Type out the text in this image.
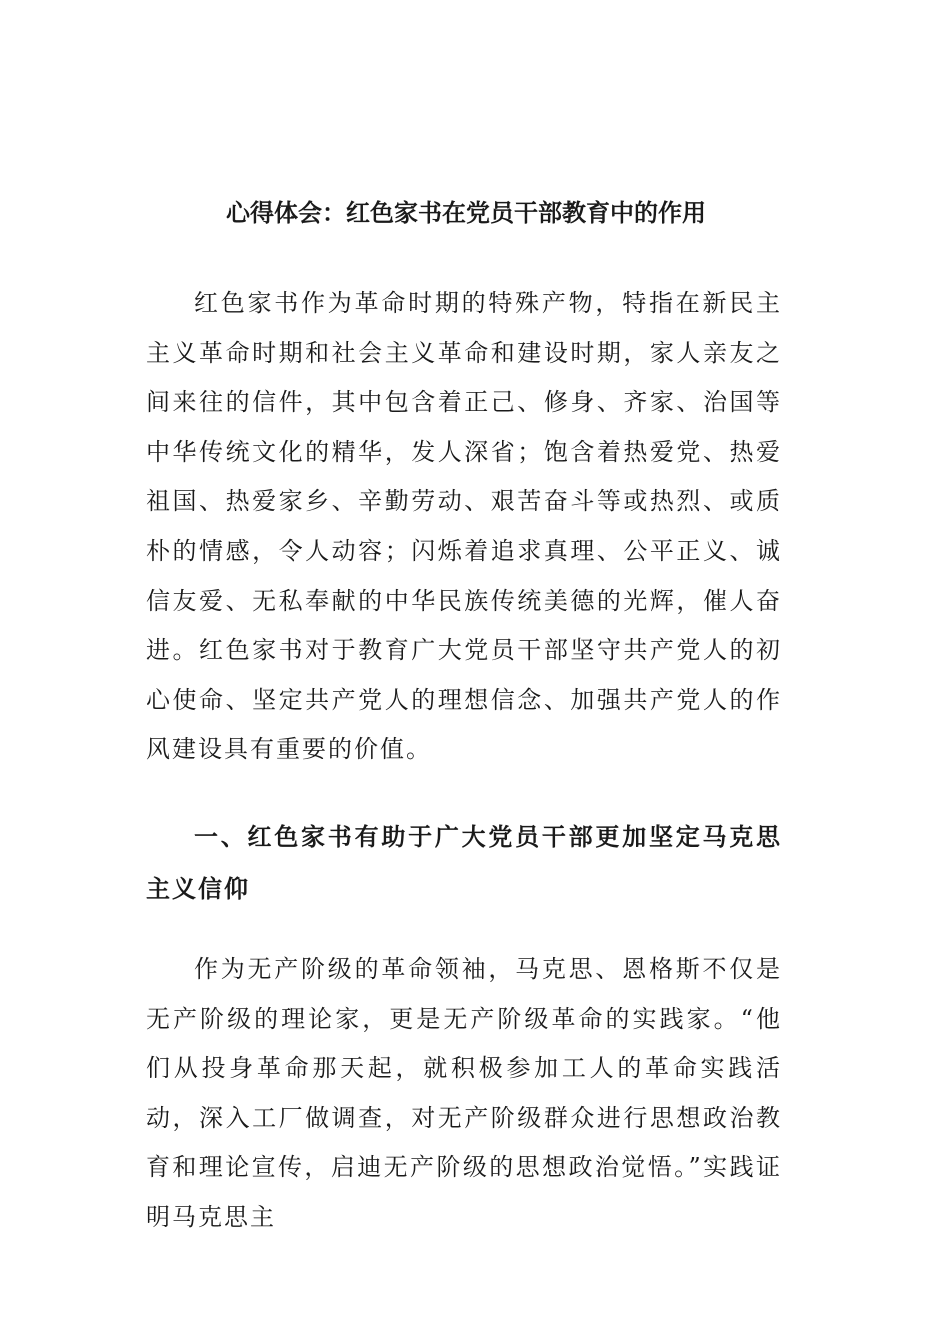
心得体会：红色家书在党员干部教育中的作用

红色家书作为革命时期的特殊产物，特指在新民主主义革命时期和社会主义革命和建设时期，家人亲友之间来往的信件，其中包含着正己、修身、齐家、治国等中华传统文化的精华，发人深省；饱含着热爱党、热爱祖国、热爱家乡、辛勤劳动、艰苦奋斗等或热烈、或质朴的情感，令人动容；闪烁着追求真理、公平正义、诚信友爱、无私奉献的中华民族传统美德的光辉，催人奋进。红色家书对于教育广大党员干部坚守共产党人的初心使命、坚定共产党人的理想信念、加强共产党人的作风建设具有重要的价值。

一、红色家书有助于广大党员干部更加坚定马克思主义信仰

作为无产阶级的革命领袖，马克思、恩格斯不仅是无产阶级的理论家，更是无产阶级革命的实践家。“他们从投身革命那天起，就积极参加工人的革命实践活动，深入工厂做调查，对无产阶级群众进行思想政治教育和理论宣传，启迪无产阶级的思想政治觉悟。”实践证明马克思主
